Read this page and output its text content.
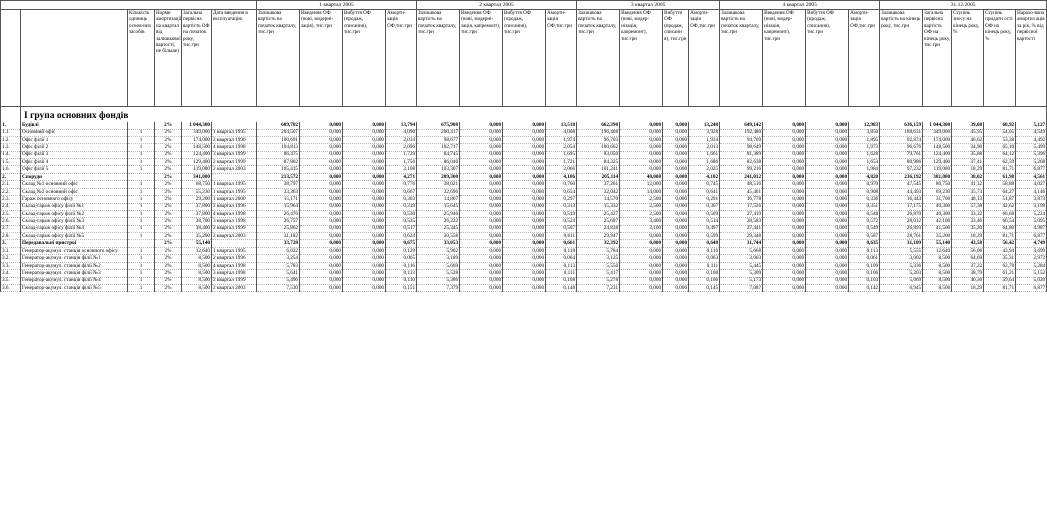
						1 квартал 2005				2 квартал 2005				3 квартал 2005				4 квартал 2005				31.12.2005				
		Кількість одиниць основ-них засобів	Норми амортизації на квартал від залишкової вартості, не більше)	Загальна первісна вартість ОФ на початок року, тис.грн	Дата введення в експлуатацію	Залишкова вартість на початок кварталу, тис.грн	Введення ОФ (нові, модерні-зація), тис.грн	Вибуття ОФ (продаж, списання), тис.грн	Аморти-зація ОФ,тис.грн	Залишкова вартість на початок кварталу, тис.грн	Введення ОФ (нові, модерні-зація, капремонт), тис.грн	Вибуття ОФ (продаж, списання), тис.грн	Аморти-зація ОФ,тис.грн	Залишкова вартість на початок кварталу, тис.грн	Введення ОФ (нові, модер-нізація, капремонт), тис.грн	Вибуття ОФ (продаж, списанн я), тис.грн	Аморти-зація ОФ,тис.грн	Залишкова вартість на початок кварталу, тис.грн	Введення ОФ (нові, модер-нізація, капремонт), тис.грн	Вибуття ОФ (продаж, списання), тис.грн	Аморти-зація ОФ,тис.грн	Залишкова вартість на кінець року, тис.грн	Загальна первісна вартість ОФ на кінець року, тис.грн	Ступінь зносу на кінець року, %	Ступінь придатн ості ОФ на кінець року, %	Нарахо-вана амортиз ація за рік, % від первісної вартості
	I група основних фондів																									
1.	Будівлі		2%	1 044,300		689,702	0,000	0,000	13,794	675,908	0,000	0,000	13,518	662,390	0,000	0,000	13,248	649,142	0,000	0,000	12,983	636,159	1 044,300	39,08	60,92	5,127
1.1.	Основний офіс	1	2%	349,000	1 квартал 1995	204,507	0,000	0,000	4,090	200,417	0,000	0,000	4,008	196,408	0,000	0,000	3,928	192,480	0,000	0,000	3,850	188,631	349,000	45,95	54,05	4,549
1.2.	Офіс філії 1	1	2%	174,000	2 квартал 1996	100,691	0,000	0,000	2,014	98,677	0,000	0,000	1,974	96,703	0,000	0,000	1,934	94,769	0,000	0,000	1,895	92,874	174,000	46,62	53,38	4,492
1.3.	Офіс філії 2	1	2%	148,500	4 квартал 1998	104,813	0,000	0,000	2,096	102,717	0,000	0,000	2,054	100,662	0,000	0,000	2,013	98,649	0,000	0,000	1,973	96,676	148,500	34,90	65,10	5,499
1.4.	Офіс філії 3	1	2%	124,400	3 квартал 1999	86,475	0,000	0,000	1,729	84,745	0,000	0,000	1,695	83,050	0,000	0,000	1,661	81,389	0,000	0,000	1,628	79,761	124,400	35,88	64,12	5,396
1.5.	Офіс філії 4	1	2%	129,400	2 квартал 1999	87,802	0,000	0,000	1,756	86,046	0,000	0,000	1,721	84,325	0,000	0,000	1,686	82,638	0,000	0,000	1,653	80,986	129,400	37,41	62,59	5,268
1.6.	Офіс філії 5	1	2%	119,000	2 квартал 2003	105,415	0,000	0,000	2,108	103,307	0,000	0,000	2,066	101,241	0,000	0,000	2,025	99,216	0,000	0,000	1,984	97,232	119,000	18,29	81,71	6,877
2.	Споруди		2%	341,080		213,572	0,000	0,000	4,271	209,300	0,000	0,000	4,186	205,114	40,000	0,000	4,102	241,012	0,000	0,000	4,820	236,192	381,080	38,02	61,98	4,561
2.1.	Склад №1 основний офіс	1	2%	68,750	1 квартал 1995	38,797	0,000	0,000	0,776	38,021	0,000	0,000	0,760	37,261	12,000	0,000	0,745	48,516	0,000	0,000	0,970	47,545	80,750	41,12	58,88	4,027
2.2.	Склад №2 основний офіс	1	2%	55,230	1 квартал 1995	33,363	0,000	0,000	0,667	32,696	0,000	0,000	0,654	32,042	14,000	0,000	0,641	45,401	0,000	0,000	0,908	44,493	69,230	35,73	64,27	4,146
2.3.	Гараж основного офісу	1	2%	29,200	1 квартал 2000	15,171	0,000	0,000	0,303	14,867	0,000	0,000	0,297	14,570	2,500	0,000	0,291	16,778	0,000	0,000	0,336	16,443	31,700	48,13	51,87	3,873
2.4.	Склад-гараж офісу філії №1	1	2%	37,800	2 квартал 1996	15,964	0,000	0,000	0,319	15,645	0,000	0,000	0,313	15,332	2,500	0,000	0,307	17,526	0,000	0,000	0,351	17,175	40,300	57,38	42,62	3,199
2.5.	Склад-гараж офісу філії №2	1	2%	37,800	4 квартал 1998	26,476	0,000	0,000	0,530	25,946	0,000	0,000	0,519	25,427	2,500	0,000	0,509	27,419	0,000	0,000	0,548	26,870	40,300	33,32	66,68	5,224
2.6.	Склад-гараж офісу філії №3	1	2%	38,700	3 квартал 1998	26,757	0,000	0,000	0,535	26,222	0,000	0,000	0,524	25,697	3,400	0,000	0,514	28,583	0,000	0,000	0,572	28,012	42,100	33,46	66,54	5,095
2.7.	Склад-гараж офісу філії №4	1	2%	38,400	2 квартал 1999	25,862	0,000	0,000	0,517	25,345	0,000	0,000	0,507	24,838	3,100	0,000	0,497	27,441	0,000	0,000	0,549	26,893	41,500	35,20	64,80	4,987
2.8.	Склад-гараж офісу філії №5	1	2%	35,200	2 квартал 2003	31,182	0,000	0,000	0,624	30,558	0,000	0,000	0,611	29,947	0,000	0,000	0,599	29,348	0,000	0,000	0,587	28,761	35,200	18,29	81,71	6,877
3.	Передавальні пристрої		2%	55,140		33,728	0,000	0,000	0,675	33,053	0,000	0,000	0,661	32,392	0,000	0,000	0,648	31,744	0,000	0,000	0,635	31,109	55,140	43,58	56,42	4,749
3.1.	Генератор-акумул. станція основного офісу	1	2%	12,640	1 квартал 1995	6,022	0,000	0,000	0,120	5,902	0,000	0,000	0,118	5,784	0,000	0,000	0,116	5,668	0,000	0,000	0,113	5,555	12,640	56,06	43,94	3,699
3.2.	Генератор-акумул. станція філії №1	1	2%	8,500	2 квартал 1996	3,254	0,000	0,000	0,065	3,189	0,000	0,000	0,064	3,125	0,000	0,000	0,063	3,063	0,000	0,000	0,061	3,002	8,500	64,69	35,31	2,972
3.3.	Генератор-акумул. станція філії №2	1	2%	8,500	4 квартал 1998	5,783	0,000	0,000	0,116	5,669	0,000	0,000	0,113	5,556	0,000	0,000	0,111	5,445	0,000	0,000	0,109	5,336	8,500	37,22	62,78	5,284
3.4.	Генератор-акумул. станція філії №3	1	2%	8,500	3 квартал 1998	5,641	0,000	0,000	0,113	5,528	0,000	0,000	0,111	5,417	0,000	0,000	0,108	5,309	0,000	0,000	0,106	5,203	8,500	38,79	61,21	5,152
3.5.	Генератор-акумул. станція філії №4	1	2%	8,500	2 квартал 1999	5,496	0,000	0,000	0,110	5,386	0,000	0,000	0,108	5,278	0,000	0,000	0,106	5,173	0,000	0,000	0,103	5,069	8,500	40,36	59,64	5,020
3.6.	Генератор-акумул. станція філії №5	1	2%	8,500	2 квартал 2003	7,530	0,000	0,000	0,151	7,379	0,000	0,000	0,148	7,231	0,000	0,000	0,145	7,087	0,000	0,000	0,142	6,945	8,500	18,29	81,71	6,877
